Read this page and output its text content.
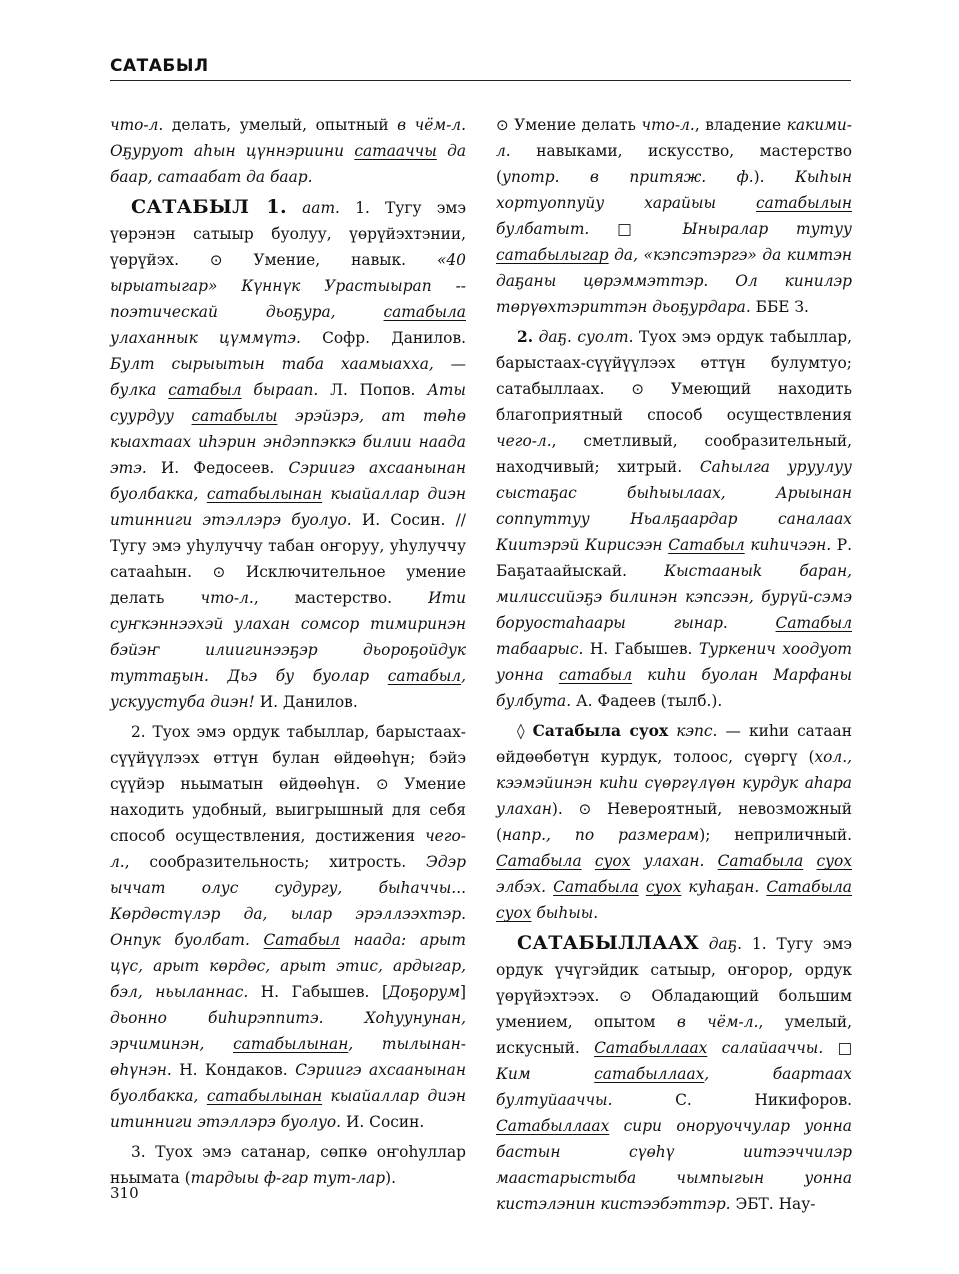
САТАБЫЛ

что-л. делать, умелый, опытный в чём-л. Оҕуруот аһын цүннэриини сатааччы да баар, сатаабат да баар.

САТАБЫЛ 1. аат. 1. Тугу эмэ үөрэнэн сатыыр буолуу, үөрүйэхтэнии, үөрүйэх. ⊙ Умение, навык. «40 ырыатыгар» Күннүк Урастыырап -- поэтическай дьоҕура, сатабыла улаханнык цүммүтэ. Софр. Данилов. Булт сырыытын таба хаамыахха, — булка сатабыл быраап. Л. Попов. Аты суурдуу сатабылы эрэйэрэ, ат төһө кыахтаах иһэрин эндэппэккэ билии наада этэ. И. Федосеев. Сэриигэ ахсаанынан буолбакка, сатабылынан кыайаллар диэн итинниги этэллэрэ буолуо. И. Сосин. // Тугу эмэ уһулуччу табан оҥоруу, уһулуччу сатааһын. ⊙ Исключительное умение делать что-л., мастерство. Ити суҥкэннээхэй улахан сомсор тимиринэн бэйэҥ илиигинээҕэр дьороҕойдук туттаҕын. Дьэ бу буолар сатабыл, ускуустуба диэн! И. Данилов.

2. Туох эмэ ордук табыллар, барыстаах-сүүйүүлээх өттүн булан өйдөөһүн; бэйэ сүүйэр ньыматын өйдөөһүн. ⊙ Умение находить удобный, выигрышный для себя способ осуществления, достижения чего-л., сообразительность; хитрость. Эдэр ыччат олус судургу, быһаччы... Көрдөстүлэр да, ылар эрэллээхтэр. Онnук буолбат. Сатабыл наада: арыт цүс, арыт көрдөс, арыт этис, ардыгар, бэл, ньыланнас. Н. Габышев. [Доҕорум] дьонно биһирэппитэ. Хоһуунунан, эрчиминэн, сатабылынан, тылынан-өһүнэн. Н. Кондаков. Сэриигэ ахсаанынан буолбакка, сатабылынан кыайаллар диэн итинниги этэллэрэ буолуо. И. Сосин.

3. Туох эмэ сатанар, сөпкө оҥоһуллар ньымата (тардыы ф-гар тут-лар).

⊙ Умение делать что-л., владение какими-л. навыками, искусство, мастерство (употр. в притяж. ф.). Кыһын хортуоппуйу харайыы сатабылын булбатыт. □ Ыныралар тутуу сатабылыгар да, «кэпсэтэргэ» да кимтэн даҕаны цөрэммэттэр. Ол кинилэр төрүөхтэриттэн дьоҕурдара. ББЕ З.

2. даҕ. суолт. Туох эмэ ордук табыллар, барыстаах-сүүйүүлээх өттүн булумтуо; сатабыллаах. ⊙ Умеющий находить благоприятный способ осуществления чего-л., сметливый, сообразительный, находчивый; хитрый. Саһылга уруулуу сыстаҕас быһыылаах, Арыынан соппуттуу Ньалҕаардар саналаах Киитэрэй Кирисээн Сатабыл киһичээн. Р. Баҕатаайыскай. Кыстааныk баран, милиссийэҕэ билинэн кэпсээн, бурүй-сэмэ боруостаһаары гынар. Сатабыл табаарыс. Н. Габышев. Туркенич хоодуот уонна сатабыл киһи буолан Марфаны булбута. А. Фадеев (тылб.).

◊ Сатабыла суох кэпс. — киһи сатаан өйдөөбөтүн курдук, толоос, сүөргү (хол., кээмэйинэн киһи сүөргүлүөн курдук аһара улахан). ⊙ Невероятный, невозможный (напр., по размерам); неприличный. Сатабыла суох улахан. Сатабыла суох элбэх. Сатабыла суох куһаҕан. Сатабыла суох быһыы.

САТАБЫЛЛААХ даҕ. 1. Тугу эмэ ордук үчүгэйдик сатыыр, оҥорор, ордук үөрүйэхтээх. ⊙ Обладающий большим умением, опытом в чём-л., умелый, искусный. Сатабыллаах салайааччы. □ Ким сатабыллаах, баартаах бултуйааччы. С. Никифоров. Сатабыллаах сири оноруоччулар уонна бастын сүөһү иитээччилэр маастарыстыба чымпыгын уонна кистэлэнин кистээбэттэр. ЭБТ. Нау-

310
